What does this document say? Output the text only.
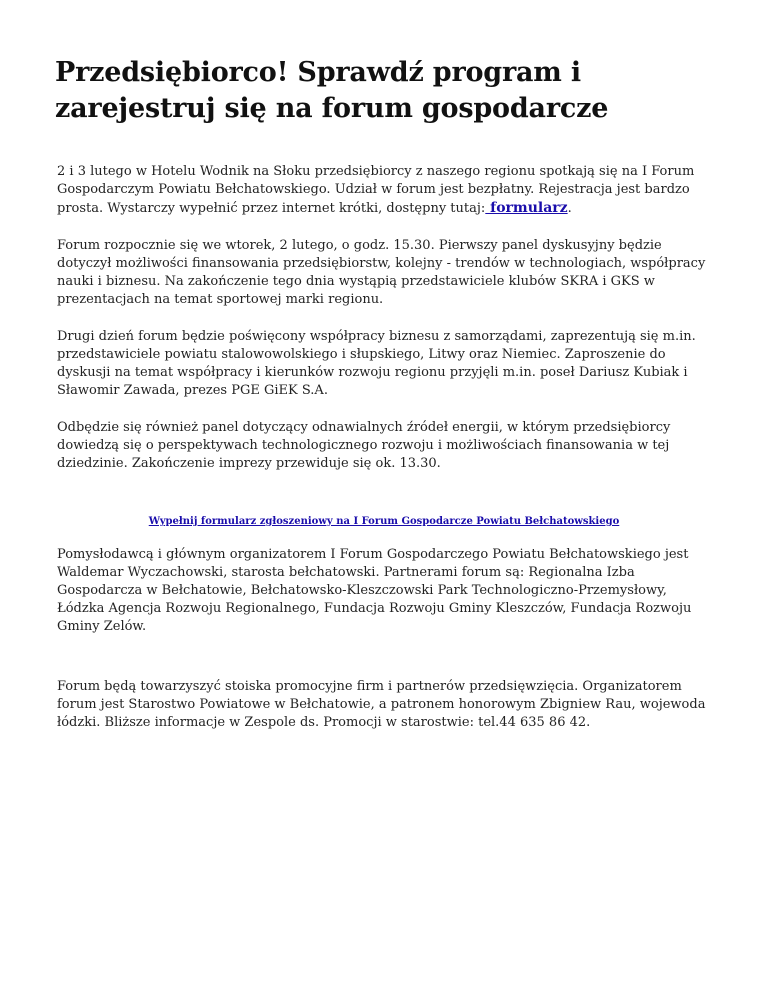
Przedsiębiorco! Sprawdź program i zarejestruj się na forum gospodarcze

2 i 3 lutego w Hotelu Wodnik na Słoku przedsiębiorcy z naszego regionu spotkają się na I Forum Gospodarczym Powiatu Bełchatowskiego. Udział w forum jest bezpłatny. Rejestracja jest bardzo prosta. Wystarczy wypełnić przez internet krótki, dostępny tutaj: formularz.

Forum rozpocznie się we wtorek, 2 lutego, o godz. 15.30. Pierwszy panel dyskusyjny będzie dotyczył możliwości finansowania przedsiębiorstw, kolejny - trendów w technologiach, współpracy nauki i biznesu. Na zakończenie tego dnia wystąpią przedstawiciele klubów SKRA i GKS w prezentacjach na temat sportowej marki regionu.

Drugi dzień forum będzie poświęcony współpracy biznesu z samorządami, zaprezentują się m.in. przedstawiciele powiatu stalowowolskiego i słupskiego, Litwy oraz Niemiec. Zaproszenie do dyskusji na temat współpracy i kierunków rozwoju regionu przyjęli m.in. poseł Dariusz Kubiak i Sławomir Zawada, prezes PGE GiEK S.A.

Odbędzie się również panel dotyczący odnawialnych źródeł energii, w którym przedsiębiorcy dowiedzą się o perspektywach technologicznego rozwoju i możliwościach finansowania w tej dziedzinie. Zakończenie imprezy przewiduje się ok. 13.30.

Wypełnij formularz zgłoszeniowy na I Forum Gospodarcze Powiatu Bełchatowskiego

Pomysłodawcą i głównym organizatorem I Forum Gospodarczego Powiatu Bełchatowskiego jest Waldemar Wyczachowski, starosta bełchatowski. Partnerami forum są: Regionalna Izba Gospodarcza w Bełchatowie, Bełchatowsko-Kleszczowski Park Technologiczno-Przemysłowy, Łódzka Agencja Rozwoju Regionalnego, Fundacja Rozwoju Gminy Kleszczów, Fundacja Rozwoju Gminy Zelów.

Forum będą towarzyszyć stoiska promocyjne firm i partnerów przedsięwzięcia. Organizatorem forum jest Starostwo Powiatowe w Bełchatowie, a patronem honorowym Zbigniew Rau, wojewoda łódzki. Bliższe informacje w Zespole ds. Promocji w starostwie: tel.44 635 86 42.
